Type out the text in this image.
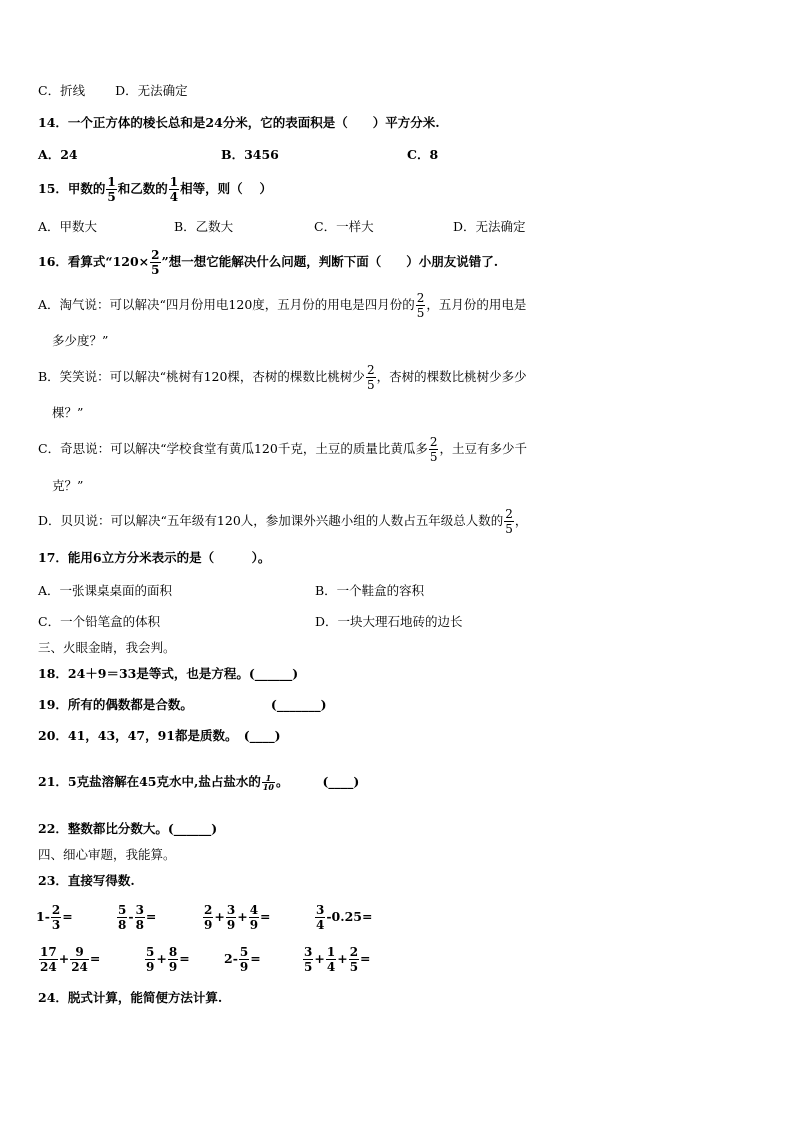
C．折线 D．无法确定
14．一个正方体的棱长总和是24分米，它的表面积是（　　）平方分米.
A．24	B．3456	C．8
15．甲数的 $\frac{1}{5}$ 和乙数的 $\frac{1}{4}$ 相等，则（　 ）
A．甲数大	B．乙数大	C．一样大	D．无法确定
16．看算式“$120\times \frac{2}{5}$ ”想一想它能解决什么问题，判断下面（　　）小朋友说错了.
A．淘气说：可以解决“四月份用电120度，五月份的用电是四月份的 $\frac{2}{5}$ ，五月份的用电是
多少度？”
B．笑笑说：可以解决“桃树有120棵，杏树的棵数比桃树少 $\frac{2}{5}$ ，杏树的棵数比桃树少多少
棵？”
C．奇思说：可以解决“学校食堂有黄瓜120千克，土豆的质量比黄瓜多 $\frac{2}{5}$ ，土豆有多少千
克？”
D．贝贝说：可以解决“五年级有120人，参加课外兴趣小组的人数占五年级总人数的 $\frac{2}{5}$ ，
17．能用6立方分米表示的是（　　　）。
A．一张课桌桌面的面积	B．一个鞋盒的容积
C．一个铅笔盒的体积	D．一块大理石地砖的边长
三、火眼金睛，我会判。
18．24＋9＝33是等式，也是方程。(______)
19．所有的偶数都是合数。	(_______)
20．41，43，47，91都是质数。　(____)
21．5克盐溶解在45克水中,盐占盐水的 $\frac{1}{10}$ 。	(____)
22．整数都比分数大。(______)
四、细心审题，我能算。
23．直接写得数.
$1- \frac{2}{3}$ =	$\frac{5}{8} - \frac{3}{8}$ =	$\frac{2}{9} + \frac{3}{9} + \frac{4}{9}$ =	$\frac{3}{4} -0.25=$
$\frac{17}{24} + \frac{9}{24}$ =	$\frac{5}{9} + \frac{8}{9}$ =	$2- \frac{5}{9}$ =	$\frac{3}{5} + \frac{1}{4} + \frac{2}{5}$ =
24．脱式计算，能简便方法计算.
